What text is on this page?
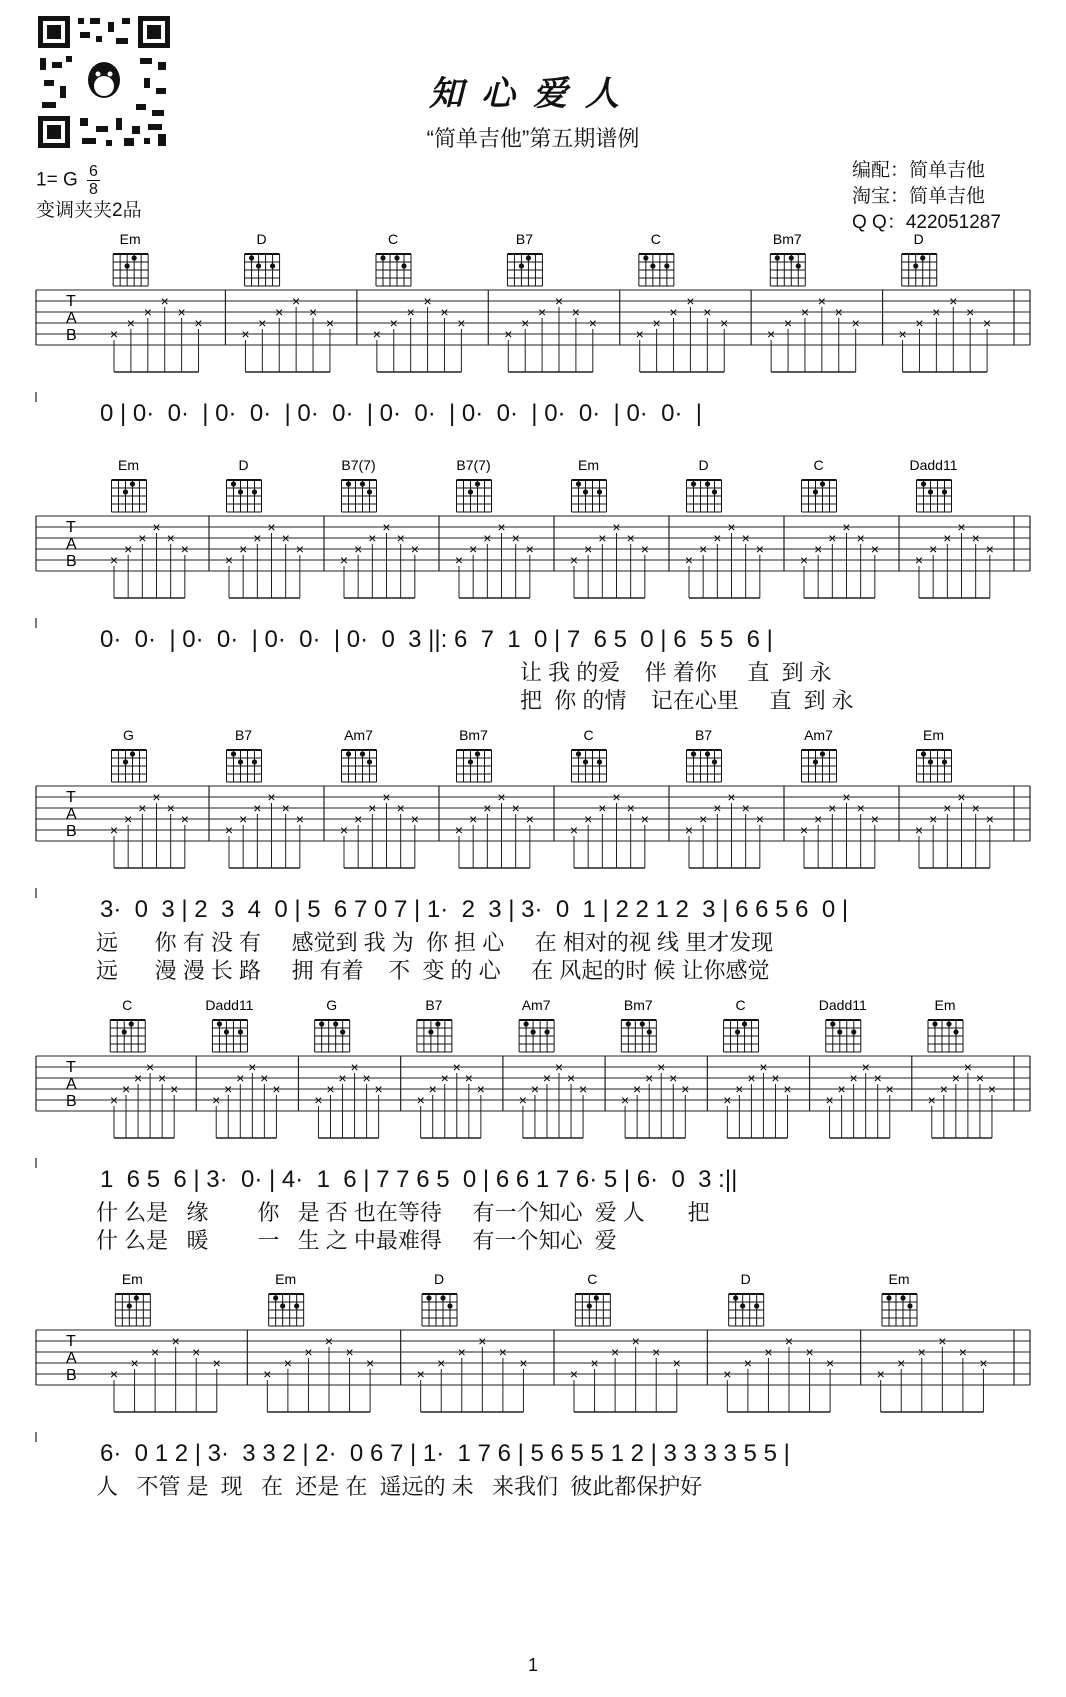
知心爱人
“简单吉他”第五期谱例
1= G $\frac{6}{8}$
变调夹夹2品
编配：简单吉他
淘宝：简单吉他
Q Q：422051287
Em	D	C	B7	C	Bm7	D
T
A
B ×
×
×
×
×
×
×
×
×
×
×
×
×
×
×
×
×
×
×
×
×
×
×
×
×
×
×
×
×
×
×
×
×
×
×
×
×
×
×
×
×
×
0 | 0·  0·  | 0·  0·  | 0·  0·  | 0·  0·  | 0·  0·  | 0·  0·  | 0·  0·  |
Em	D	B7(7)	B7(7)	Em	D	C	Dadd11
T
A
B ×
×
×
×
×
×
×
×
×
×
×
×
×
×
×
×
×
×
×
×
×
×
×
×
×
×
×
×
×
×
×
×
×
×
×
×
×
×
×
×
×
×
×
×
×
×
×
×
0·  0·  | 0·  0·  | 0·  0·  | 0·  0  3 ||: 6  7  1  0 | 7  6 5  0 | 6  5 5  6 |
让 我 的爱    伴 着你     直  到 永
把  你 的情    记在心里     直  到 永
G	B7	Am7	Bm7	C	B7	Am7	Em
T
A
B ×
×
×
×
×
×
×
×
×
×
×
×
×
×
×
×
×
×
×
×
×
×
×
×
×
×
×
×
×
×
×
×
×
×
×
×
×
×
×
×
×
×
×
×
×
×
×
×
3·  0  3 | 2  3  4  0 | 5  6 7 0 7 | 1·  2  3 | 3·  0  1 | 2 2 1 2  3 | 6 6 5 6  0 |
远      你 有 没 有     感觉到 我 为  你 担 心     在 相对的视 线 里才发现
远      漫 漫 长 路     拥 有着    不  变 的 心     在 风起的时 候 让你感觉
C	Dadd11	G	B7	Am7	Bm7	C	Dadd11	Em
T
A
B ×
×
×
×
×
×
×
×
×
×
×
×
×
×
×
×
×
×
×
×
×
×
×
×
×
×
×
×
×
×
×
×
×
×
×
×
×
×
×
×
×
×
×
×
×
×
×
×
×
×
×
×
×
×
1  6 5  6 | 3·  0· | 4·  1  6 | 7 7 6 5  0 | 6 6 1 7 6· 5 | 6·  0  3 :||
什 么是   缘        你   是 否 也在等待     有一个知心  爱 人       把
什 么是   暖        一   生 之 中最难得     有一个知心  爱
Em	Em	D	C	D	Em
T
A
B ×
×
×
×
×
×
×
×
×
×
×
×
×
×
×
×
×
×
×
×
×
×
×
×
×
×
×
×
×
×
×
×
×
×
×
×
6·  0 1 2 | 3·  3 3 2 | 2·  0 6 7 | 1·  1 7 6 | 5 6 5 5 1 2 | 3 3 3 3 5 5 |
人   不管 是  现   在  还是 在  遥远的 未   来我们  彼此都保护好
1
